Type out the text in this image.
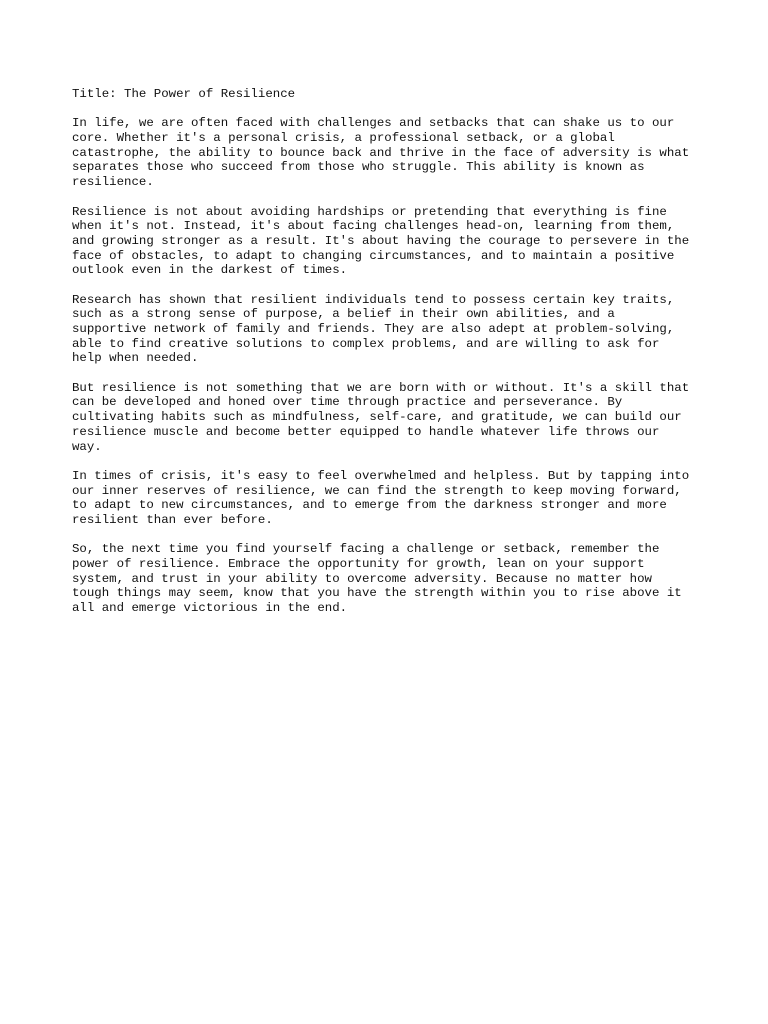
Title: The Power of Resilience
In life, we are often faced with challenges and setbacks that can shake us to our
core. Whether it's a personal crisis, a professional setback, or a global
catastrophe, the ability to bounce back and thrive in the face of adversity is what
separates those who succeed from those who struggle. This ability is known as
resilience.
Resilience is not about avoiding hardships or pretending that everything is fine
when it's not. Instead, it's about facing challenges head-on, learning from them,
and growing stronger as a result. It's about having the courage to persevere in the
face of obstacles, to adapt to changing circumstances, and to maintain a positive
outlook even in the darkest of times.
Research has shown that resilient individuals tend to possess certain key traits,
such as a strong sense of purpose, a belief in their own abilities, and a
supportive network of family and friends. They are also adept at problem-solving,
able to find creative solutions to complex problems, and are willing to ask for
help when needed.
But resilience is not something that we are born with or without. It's a skill that
can be developed and honed over time through practice and perseverance. By
cultivating habits such as mindfulness, self-care, and gratitude, we can build our
resilience muscle and become better equipped to handle whatever life throws our
way.
In times of crisis, it's easy to feel overwhelmed and helpless. But by tapping into
our inner reserves of resilience, we can find the strength to keep moving forward,
to adapt to new circumstances, and to emerge from the darkness stronger and more
resilient than ever before.
So, the next time you find yourself facing a challenge or setback, remember the
power of resilience. Embrace the opportunity for growth, lean on your support
system, and trust in your ability to overcome adversity. Because no matter how
tough things may seem, know that you have the strength within you to rise above it
all and emerge victorious in the end.
